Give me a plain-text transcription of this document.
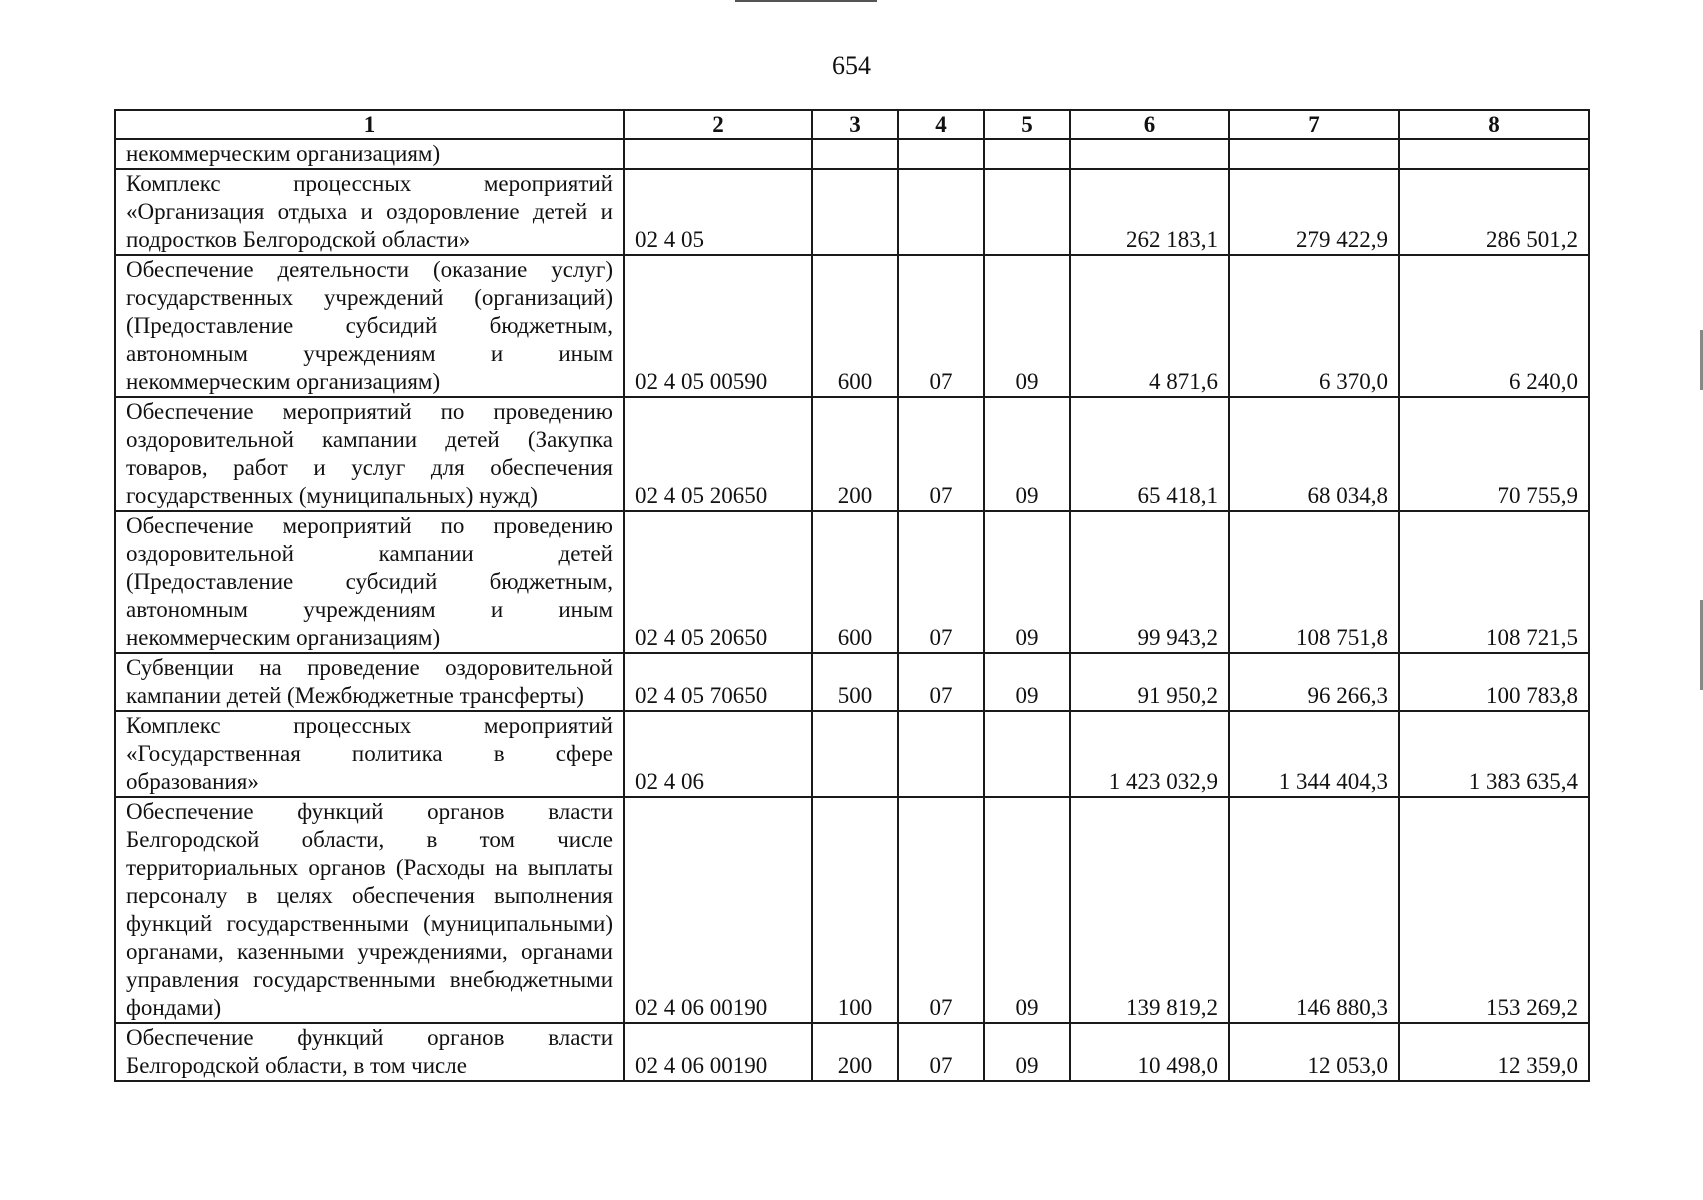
654
1	2	3	4	5	6	7	8
некоммерческим организациям)							
Комплекс процессных мероприятий «Организация отдыха и оздоровление детей и подростков Белгородской области»	02 4 05				262 183,1	279 422,9	286 501,2
Обеспечение деятельности (оказание услуг) государственных учреждений (организаций) (Предоставление субсидий бюджетным, автономным учреждениям и иным некоммерческим организациям)	02 4 05 00590	600	07	09	4 871,6	6 370,0	6 240,0
Обеспечение мероприятий по проведению оздоровительной кампании детей (Закупка товаров, работ и услуг для обеспечения государственных (муниципальных) нужд)	02 4 05 20650	200	07	09	65 418,1	68 034,8	70 755,9
Обеспечение мероприятий по проведению оздоровительной кампании детей (Предоставление субсидий бюджетным, автономным учреждениям и иным некоммерческим организациям)	02 4 05 20650	600	07	09	99 943,2	108 751,8	108 721,5
Субвенции на проведение оздоровительной кампании детей (Межбюджетные трансферты)	02 4 05 70650	500	07	09	91 950,2	96 266,3	100 783,8
Комплекс процессных мероприятий «Государственная политика в сфере образования»	02 4 06				1 423 032,9	1 344 404,3	1 383 635,4
Обеспечение функций органов власти Белгородской области, в том числе территориальных органов (Расходы на выплаты персоналу в целях обеспечения выполнения функций государственными (муниципальными) органами, казенными учреждениями, органами управления государственными внебюджетными фондами)	02 4 06 00190	100	07	09	139 819,2	146 880,3	153 269,2
Обеспечение функций органов власти Белгородской области, в том числе	02 4 06 00190	200	07	09	10 498,0	12 053,0	12 359,0
